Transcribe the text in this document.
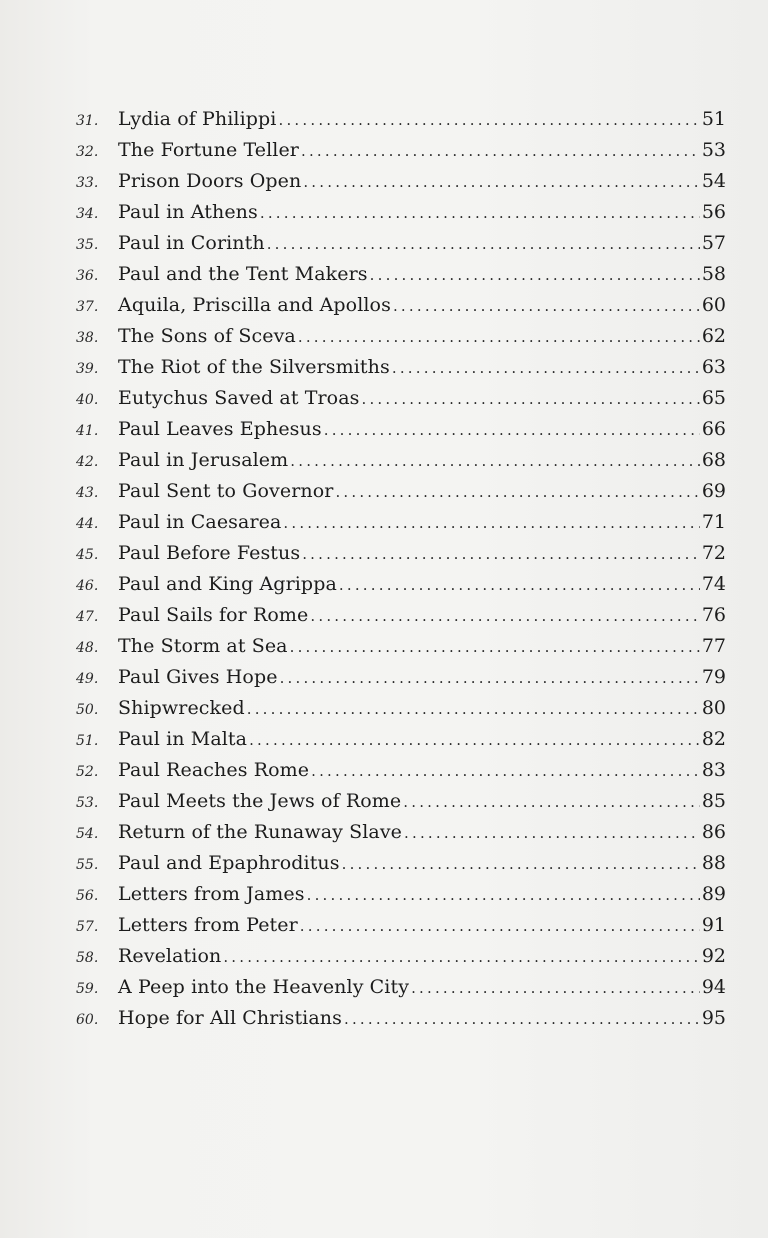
31.	Lydia of Philippi .....	51
32.	The Fortune Teller .....	53
33.	Prison Doors Open .....	54
34.	Paul in Athens .....	56
35.	Paul in Corinth .....	57
36.	Paul and the Tent Makers .....	58
37.	Aquila, Priscilla and Apollos .....	60
38.	The Sons of Sceva .....	62
39.	The Riot of the Silversmiths .....	63
40.	Eutychus Saved at Troas .....	65
41.	Paul Leaves Ephesus .....	66
42.	Paul in Jerusalem .....	68
43.	Paul Sent to Governor .....	69
44.	Paul in Caesarea .....	71
45.	Paul Before Festus .....	72
46.	Paul and King Agrippa .....	74
47.	Paul Sails for Rome .....	76
48.	The Storm at Sea .....	77
49.	Paul Gives Hope .....	79
50.	Shipwrecked .....	80
51.	Paul in Malta .....	82
52.	Paul Reaches Rome .....	83
53.	Paul Meets the Jews of Rome .....	85
54.	Return of the Runaway Slave .....	86
55.	Paul and Epaphroditus .....	88
56.	Letters from James .....	89
57.	Letters from Peter .....	91
58.	Revelation .....	92
59.	A Peep into the Heavenly City .....	94
60.	Hope for All Christians .....	95
